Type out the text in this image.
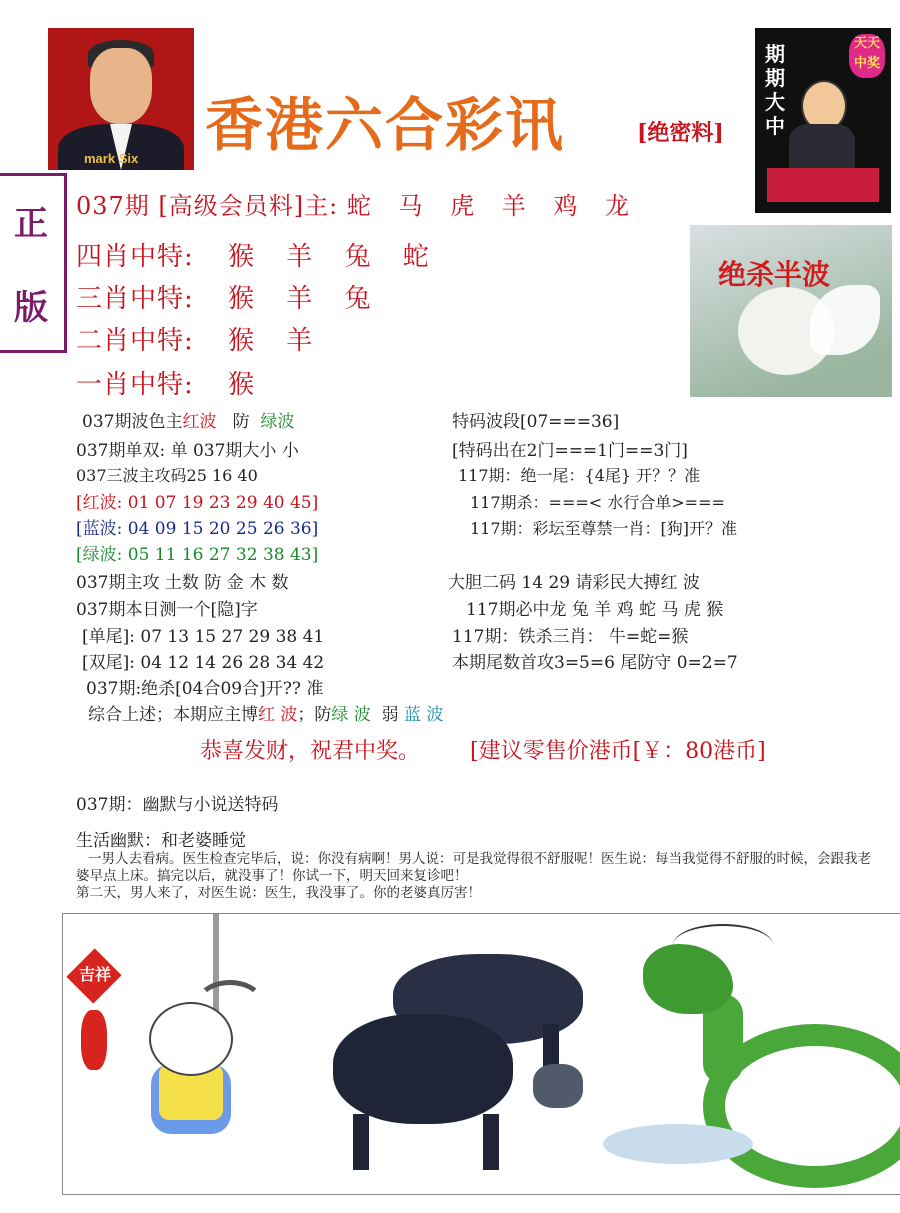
mark Six 香港六合彩讯	[绝密料]
期期大中
天天中奖
正
版
037期 [高级会员料]主: 蛇 马 虎 羊 鸡 龙
四肖中特: 猴 羊 兔 蛇
三肖中特: 猴 羊 兔
二肖中特: 猴 羊
一肖中特: 猴
绝杀半波
037期波色主红波 防 绿波
037期单双: 单 037期大小 小
037三波主攻码25 16 40
[红波: 01 07 19 23 29 40 45]
[蓝波: 04 09 15 20 25 26 36]
[绿波: 05 11 16 27 32 38 43]
037期主攻 土数 防 金 木 数
037期本日测一个[隐]字
[单尾]: 07 13 15 27 29 38 41
[双尾]: 04 12 14 26 28 34 42
037期:绝杀[04合09合]开?? 准
综合上述；本期应主博红 波；防绿 波 弱 蓝 波
特码波段[07===36]
[特码出在2门===1门==3门]
117期：绝一尾：{4尾} 开？？准
117期杀：===< 水行合单>===
117期：彩坛至尊禁一肖：[狗]开？准
大胆二码 14 29 请彩民大搏红 波
117期必中龙 兔 羊 鸡 蛇 马 虎 猴
117期：铁杀三肖： 牛=蛇=猴
本期尾数首攻3=5=6 尾防守 0=2=7
恭喜发财，祝君中奖。 [建议零售价港币[￥：80港币]
037期：幽默与小说送特码
生活幽默：和老婆睡觉
一男人去看病。医生检查完毕后，说：你没有病啊！男人说：可是我觉得很不舒服呢！医生说：每当我觉得不舒服的时候，会跟我老婆早点上床。搞完以后，就没事了！你试一下，明天回来复诊吧！
第二天，男人来了，对医生说：医生，我没事了。你的老婆真厉害！
吉祥
